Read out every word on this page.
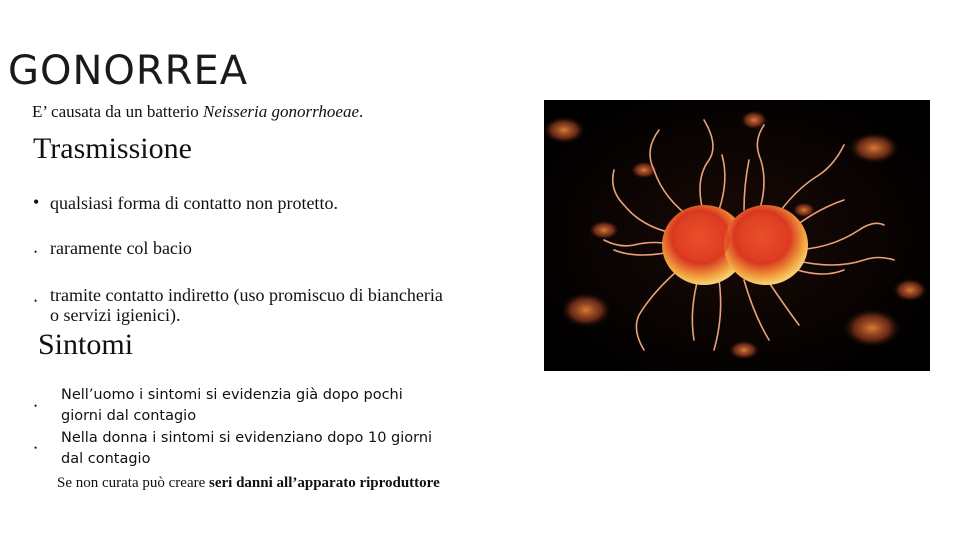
GONORREA
E’ causata da un batterio Neisseria gonorrhoeae.
Trasmissione
• qualsiasi forma di contatto non protetto.
• raramente col bacio
• tramite contatto indiretto (uso promiscuo di biancheria
o servizi igienici).
Sintomi
•
Nell’uomo i sintomi si evidenzia già dopo pochi
giorni dal contagio
•
Nella donna i sintomi si evidenziano dopo 10 giorni
dal contagio
Se non curata può creare seri danni all’apparato riproduttore
